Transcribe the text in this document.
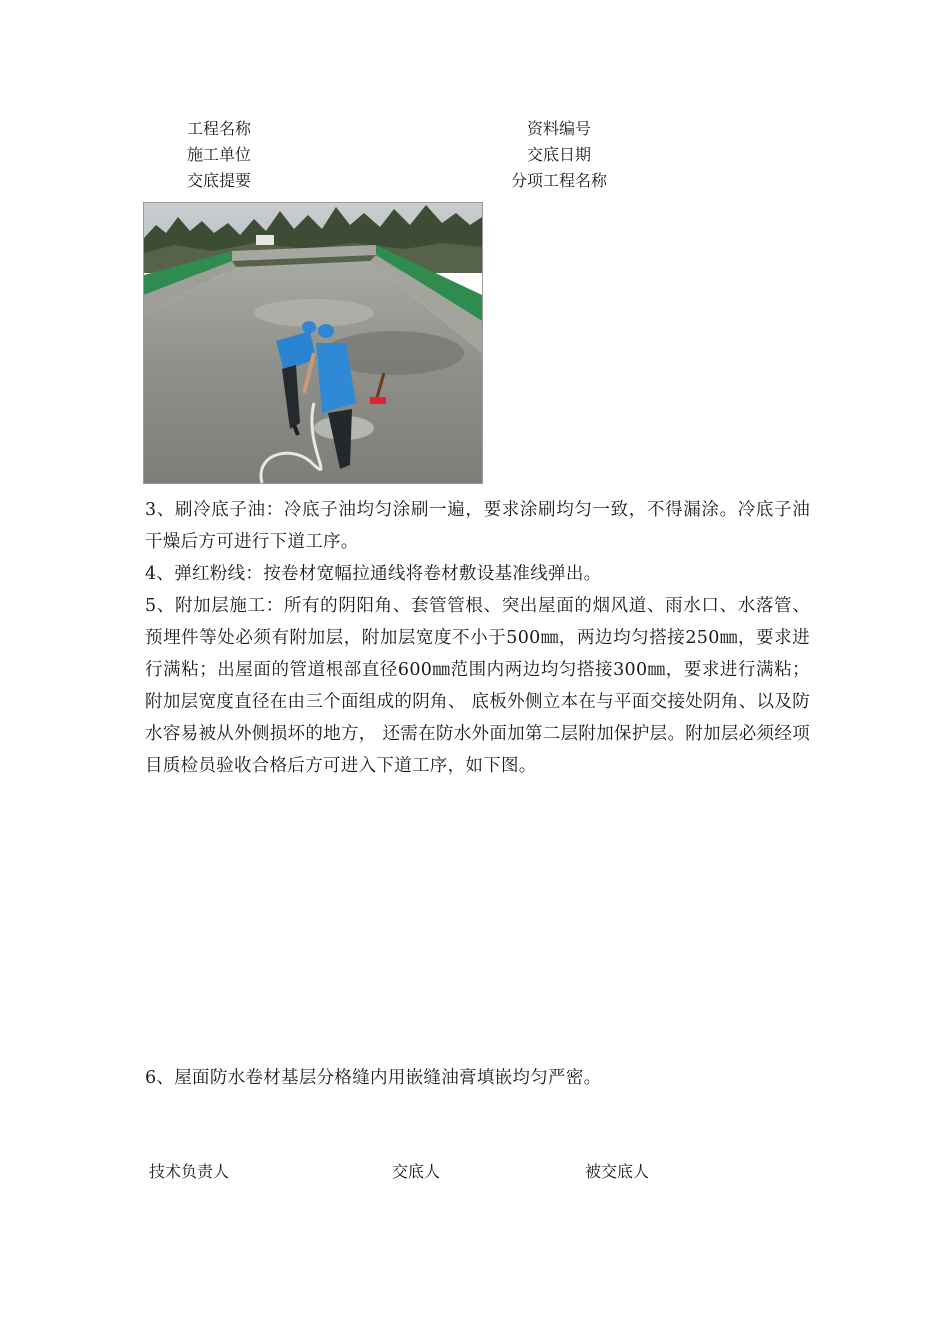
工程名称	资料编号
施工单位	交底日期
交底提要	分项工程名称
3、刷冷底子油：冷底子油均匀涂刷一遍，要求涂刷均匀一致，不得漏涂。冷底子油干燥后方可进行下道工序。
4、弹红粉线：按卷材宽幅拉通线将卷材敷设基准线弹出。
5、附加层施工：所有的阴阳角、套管管根、突出屋面的烟风道、雨水口、水落管、预埋件等处必须有附加层，附加层宽度不小于500㎜，两边均匀搭接250㎜，要求进行满粘；出屋面的管道根部直径600㎜范围内两边均匀搭接300㎜，要求进行满粘；附加层宽度直径在由三个面组成的阴角、 底板外侧立本在与平面交接处阴角、以及防水容易被从外侧损坏的地方， 还需在防水外面加第二层附加保护层。附加层必须经项目质检员验收合格后方可进入下道工序，如下图。
6、屋面防水卷材基层分格缝内用嵌缝油膏填嵌均匀严密。
技术负责人	交底人	被交底人
